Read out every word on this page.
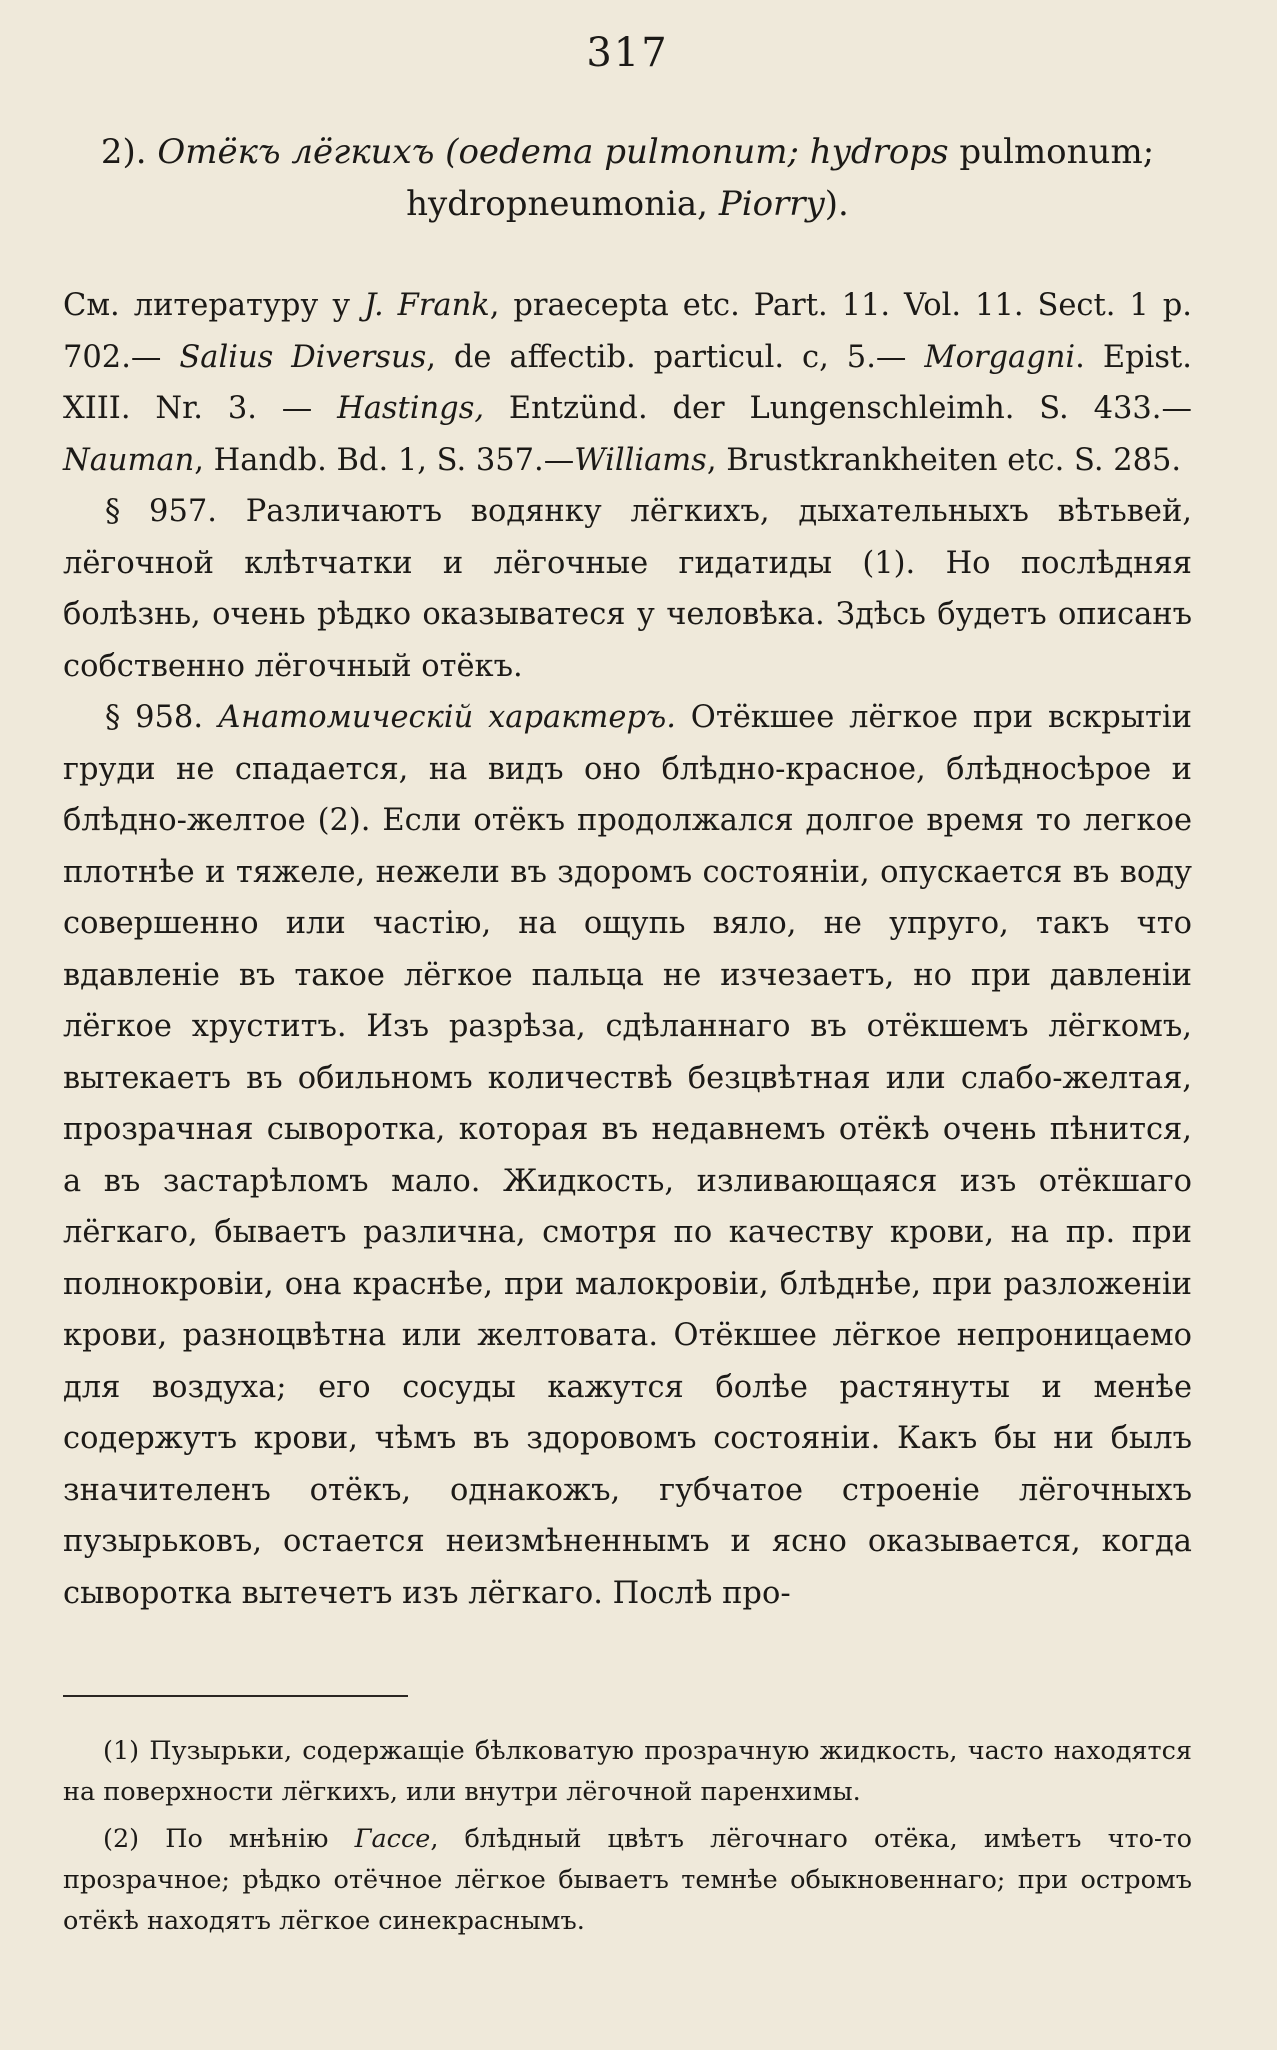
317
2). Отёкъ лёгкихъ (oedema pulmonum; hydrops pulmonum;
hydropneumonia, Piorry).
См. литературу у J. Frank, praecepta etc. Part. 11. Vol. 11. Sect. 1 p. 702.— Salius Diversus, de affectib. particul. c, 5.— Morgagni. Epist. XIII. Nr. 3. — Hastings, Entzünd. der Lungenschleimh. S. 433.—Nauman, Handb. Bd. 1, S. 357.—Williams, Brustkrankheiten etc. S. 285.
§ 957. Различаютъ водянку лёгкихъ, дыхательныхъ вѣтьвей, лёгочной клѣтчатки и лёгочные гидатиды (1). Но послѣдняя болѣзнь, очень рѣдко оказыватеся у человѣка. Здѣсь будетъ описанъ собственно лёгочный отёкъ.
§ 958. Анатомическій характеръ. Отёкшее лёгкое при вскрытіи груди не спадается, на видъ оно блѣдно-красное, блѣдносѣрое и блѣдно-желтое (2). Если отёкъ продолжался долгое время то легкое плотнѣе и тяжеле, нежели въ здоромъ состояніи, опускается въ воду совершенно или частію, на ощупь вяло, не упруго, такъ что вдавленіе въ такое лёгкое пальца не изчезаетъ, но при давленіи лёгкое хруститъ. Изъ разрѣза, сдѣланнаго въ отёкшемъ лёгкомъ, вытекаетъ въ обильномъ количествѣ безцвѣтная или слабо-желтая, прозрачная сыворотка, которая въ недавнемъ отёкѣ очень пѣнится, а въ застарѣломъ мало. Жидкость, изливающаяся изъ отёкшаго лёгкаго, бываетъ различна, смотря по качеству крови, на пр. при полнокровіи, она краснѣе, при малокровіи, блѣднѣе, при разложеніи крови, разноцвѣтна или желтовата. Отёкшее лёгкое непроницаемо для воздуха; его сосуды кажутся болѣе растянуты и менѣе содержутъ крови, чѣмъ въ здоровомъ состояніи. Какъ бы ни былъ значителенъ отёкъ, однакожъ, губчатое строеніе лёгочныхъ пузырьковъ, остается неизмѣненнымъ и ясно оказывается, когда сыворотка вытечетъ изъ лёгкаго. Послѣ про-
(1) Пузырьки, содержащіе бѣлковатую прозрачную жидкость, часто находятся на поверхности лёгкихъ, или внутри лёгочной паренхимы.
(2) По мнѣнію Гассе, блѣдный цвѣтъ лёгочнаго отёка, имѣетъ что-то прозрачное; рѣдко отёчное лёгкое бываетъ темнѣе обыкновеннаго; при остромъ отёкѣ находятъ лёгкое синекраснымъ.
